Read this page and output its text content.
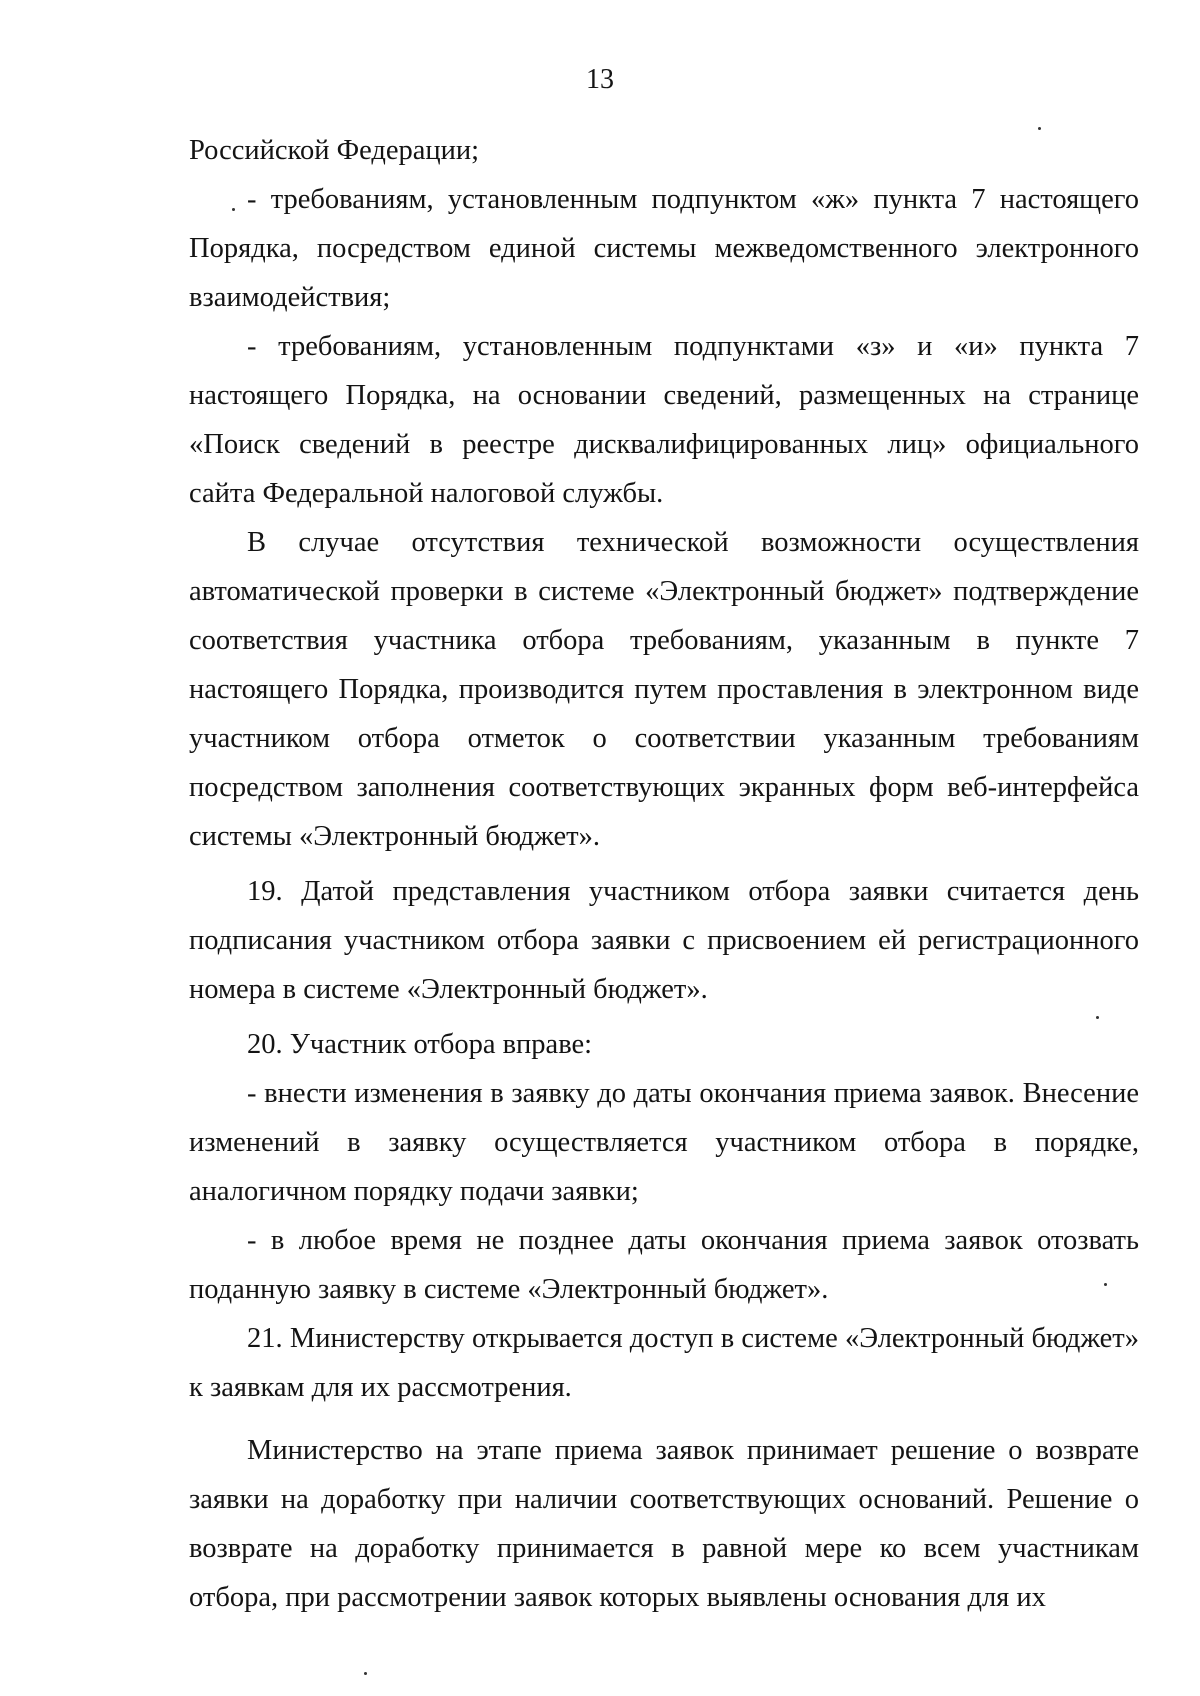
13

Российской Федерации;

- требованиям, установленным подпунктом «ж» пункта 7 настоящего Порядка, посредством единой системы межведомственного электронного взаимодействия;

- требованиям, установленным подпунктами «з» и «и» пункта 7 настоящего Порядка, на основании сведений, размещенных на странице «Поиск сведений в реестре дисквалифицированных лиц» официального сайта Федеральной налоговой службы.

В случае отсутствия технической возможности осуществления автоматической проверки в системе «Электронный бюджет» подтверждение соответствия участника отбора требованиям, указанным в пункте 7 настоящего Порядка, производится путем проставления в электронном виде участником отбора отметок о соответствии указанным требованиям посредством заполнения соответствующих экранных форм веб-интерфейса системы «Электронный бюджет».

19. Датой представления участником отбора заявки считается день подписания участником отбора заявки с присвоением ей регистрационного номера в системе «Электронный бюджет».

20. Участник отбора вправе:

- внести изменения в заявку до даты окончания приема заявок. Внесение изменений в заявку осуществляется участником отбора в порядке, аналогичном порядку подачи заявки;

- в любое время не позднее даты окончания приема заявок отозвать поданную заявку в системе «Электронный бюджет».

21. Министерству открывается доступ в системе «Электронный бюджет» к заявкам для их рассмотрения.

Министерство на этапе приема заявок принимает решение о возврате заявки на доработку при наличии соответствующих оснований. Решение о возврате на доработку принимается в равной мере ко всем участникам отбора, при рассмотрении заявок которых выявлены основания для их
